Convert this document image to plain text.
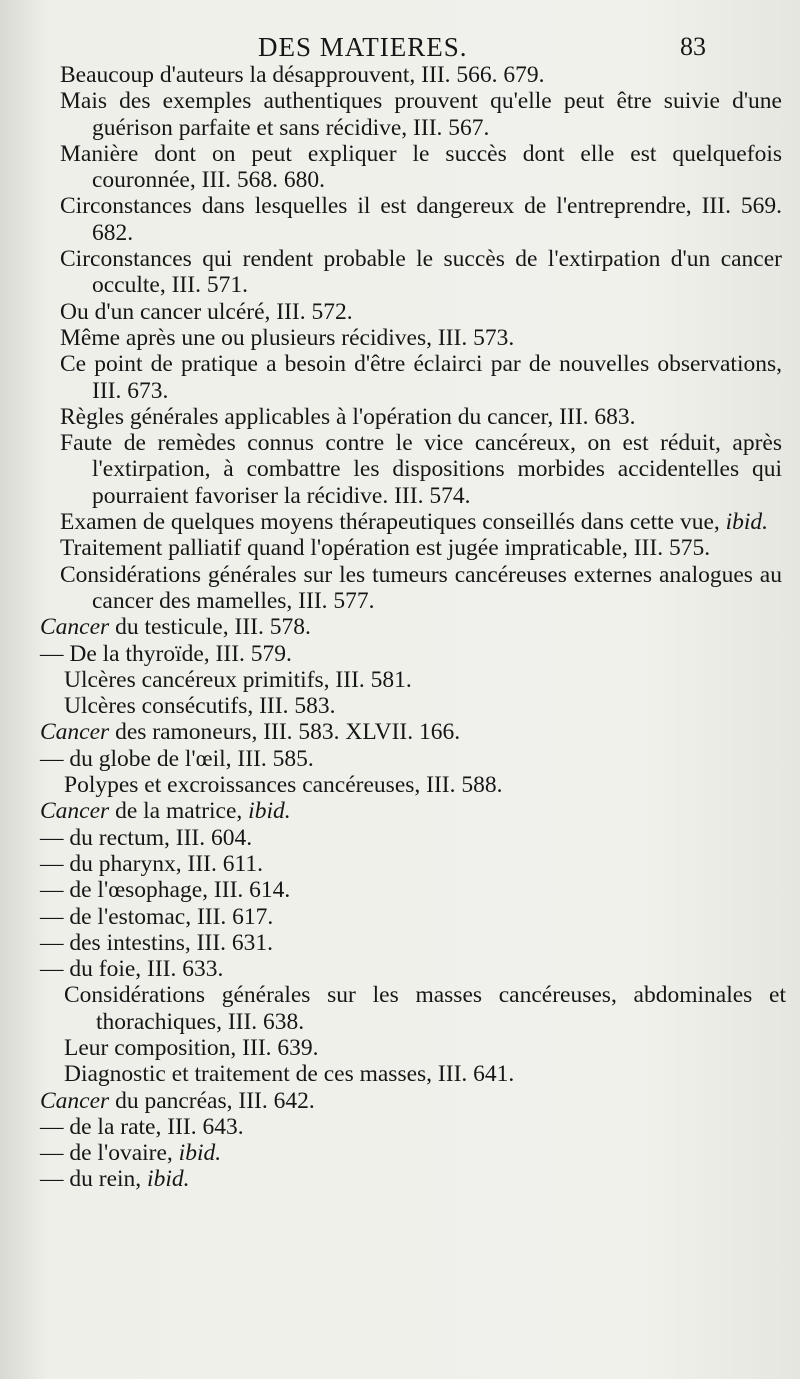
DES MATIERES.	83
Beaucoup d'auteurs la désapprouvent, III. 566. 679.
Mais des exemples authentiques prouvent qu'elle peut être suivie d'une guérison parfaite et sans récidive, III. 567.
Manière dont on peut expliquer le succès dont elle est quelquefois couronnée, III. 568. 680.
Circonstances dans lesquelles il est dangereux de l'entreprendre, III. 569. 682.
Circonstances qui rendent probable le succès de l'extirpation d'un cancer occulte, III. 571.
Ou d'un cancer ulcéré, III. 572.
Même après une ou plusieurs récidives, III. 573.
Ce point de pratique a besoin d'être éclairci par de nouvelles observations, III. 673.
Règles générales applicables à l'opération du cancer, III. 683.
Faute de remèdes connus contre le vice cancéreux, on est réduit, après l'extirpation, à combattre les dispositions morbides accidentelles qui pourraient favoriser la récidive. III. 574.
Examen de quelques moyens thérapeutiques conseillés dans cette vue, ibid.
Traitement palliatif quand l'opération est jugée impraticable, III. 575.
Considérations générales sur les tumeurs cancéreuses externes analogues au cancer des mamelles, III. 577.
Cancer du testicule, III. 578.
— De la thyroïde, III. 579.
Ulcères cancéreux primitifs, III. 581.
Ulcères consécutifs, III. 583.
Cancer des ramoneurs, III. 583. XLVII. 166.
— du globe de l'œil, III. 585.
Polypes et excroissances cancéreuses, III. 588.
Cancer de la matrice, ibid.
— du rectum, III. 604.
— du pharynx, III. 611.
— de l'œsophage, III. 614.
— de l'estomac, III. 617.
— des intestins, III. 631.
— du foie, III. 633.
Considérations générales sur les masses cancéreuses, abdominales et thorachiques, III. 638.
Leur composition, III. 639.
Diagnostic et traitement de ces masses, III. 641.
Cancer du pancréas, III. 642.
— de la rate, III. 643.
— de l'ovaire, ibid.
— du rein, ibid.
